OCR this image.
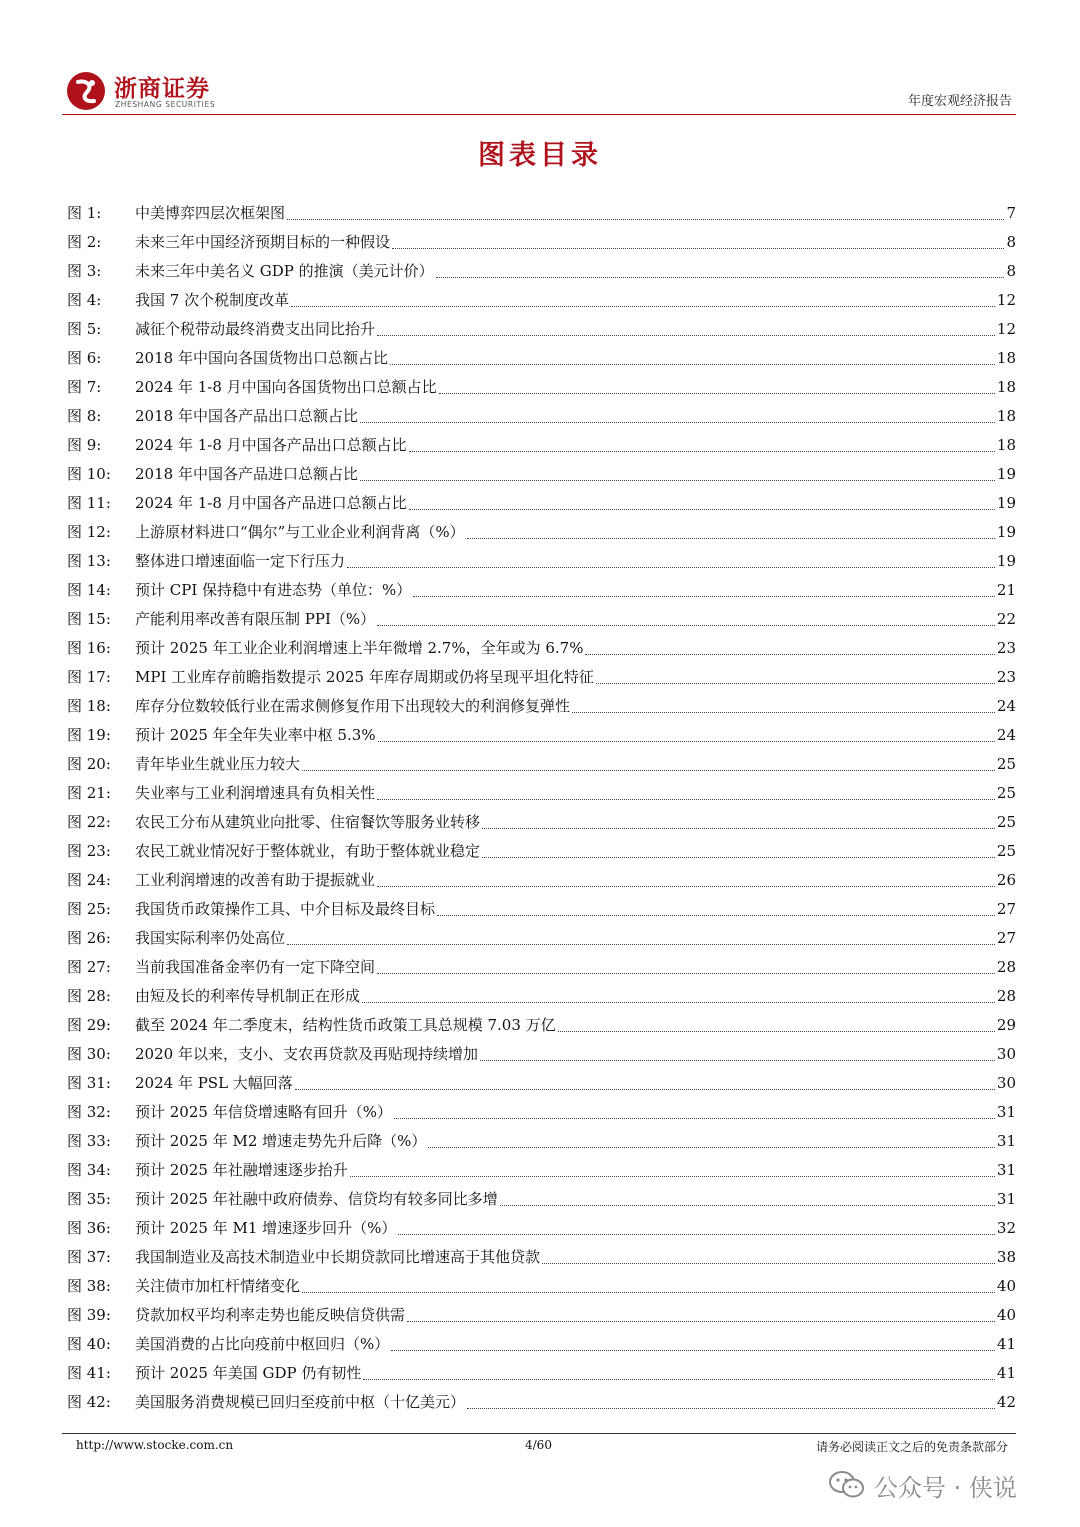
浙商证券
ZHESHANG SECURITIES	年度宏观经济报告
图表目录
图 1:	中美博弈四层次框架图	7
图 2:	未来三年中国经济预期目标的一种假设	8
图 3:	未来三年中美名义 GDP 的推演（美元计价）	8
图 4:	我国 7 次个税制度改革	12
图 5:	减征个税带动最终消费支出同比抬升	12
图 6:	2018 年中国向各国货物出口总额占比	18
图 7:	2024 年 1-8 月中国向各国货物出口总额占比	18
图 8:	2018 年中国各产品出口总额占比	18
图 9:	2024 年 1-8 月中国各产品出口总额占比	18
图 10:	2018 年中国各产品进口总额占比	19
图 11:	2024 年 1-8 月中国各产品进口总额占比	19
图 12:	上游原材料进口“偶尔”与工业企业利润背离（%）	19
图 13:	整体进口增速面临一定下行压力	19
图 14:	预计 CPI 保持稳中有进态势（单位：%）	21
图 15:	产能利用率改善有限压制 PPI（%）	22
图 16:	预计 2025 年工业企业利润增速上半年微增 2.7%，全年或为 6.7%	23
图 17:	MPI 工业库存前瞻指数提示 2025 年库存周期或仍将呈现平坦化特征	23
图 18:	库存分位数较低行业在需求侧修复作用下出现较大的利润修复弹性	24
图 19:	预计 2025 年全年失业率中枢 5.3%	24
图 20:	青年毕业生就业压力较大	25
图 21:	失业率与工业利润增速具有负相关性	25
图 22:	农民工分布从建筑业向批零、住宿餐饮等服务业转移	25
图 23:	农民工就业情况好于整体就业，有助于整体就业稳定	25
图 24:	工业利润增速的改善有助于提振就业	26
图 25:	我国货币政策操作工具、中介目标及最终目标	27
图 26:	我国实际利率仍处高位	27
图 27:	当前我国准备金率仍有一定下降空间	28
图 28:	由短及长的利率传导机制正在形成	28
图 29:	截至 2024 年二季度末，结构性货币政策工具总规模 7.03 万亿	29
图 30:	2020 年以来，支小、支农再贷款及再贴现持续增加	30
图 31:	2024 年 PSL 大幅回落	30
图 32:	预计 2025 年信贷增速略有回升（%）	31
图 33:	预计 2025 年 M2 增速走势先升后降（%）	31
图 34:	预计 2025 年社融增速逐步抬升	31
图 35:	预计 2025 年社融中政府债券、信贷均有较多同比多增	31
图 36:	预计 2025 年 M1 增速逐步回升（%）	32
图 37:	我国制造业及高技术制造业中长期贷款同比增速高于其他贷款	38
图 38:	关注债市加杠杆情绪变化	40
图 39:	贷款加权平均利率走势也能反映信贷供需	40
图 40:	美国消费的占比向疫前中枢回归（%）	41
图 41:	预计 2025 年美国 GDP 仍有韧性	41
图 42:	美国服务消费规模已回归至疫前中枢（十亿美元）	42
http://www.stocke.com.cn	4/60	请务必阅读正文之后的免责条款部分
公众号 · 侠说
